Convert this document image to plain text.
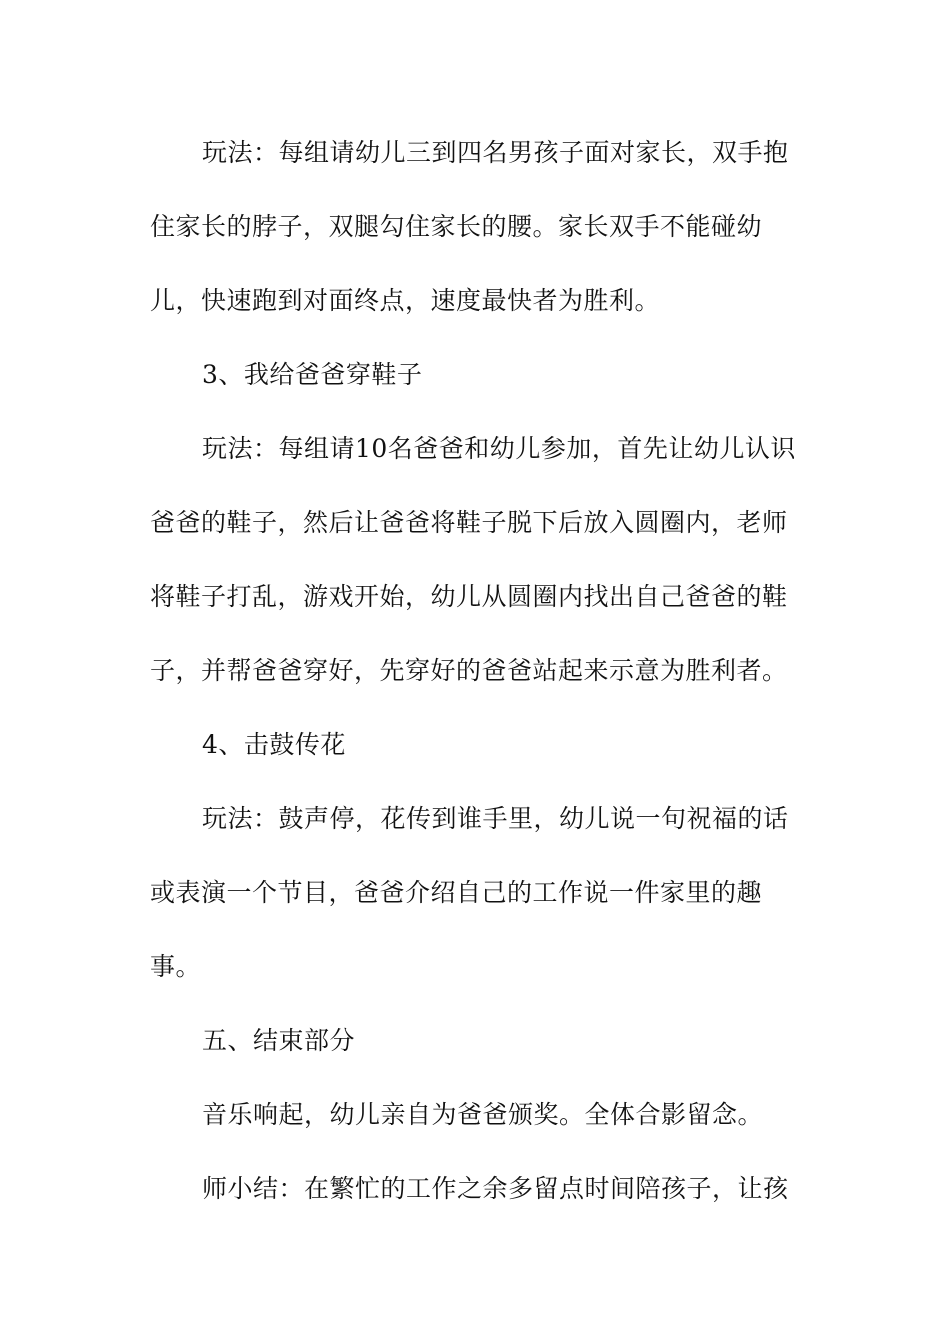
玩法：每组请幼儿三到四名男孩子面对家长，双手抱
住家长的脖子，双腿勾住家长的腰。家长双手不能碰幼
儿，快速跑到对面终点，速度最快者为胜利。
3、我给爸爸穿鞋子
玩法：每组请10名爸爸和幼儿参加，首先让幼儿认识
爸爸的鞋子，然后让爸爸将鞋子脱下后放入圆圈内，老师
将鞋子打乱，游戏开始，幼儿从圆圈内找出自己爸爸的鞋
子，并帮爸爸穿好，先穿好的爸爸站起来示意为胜利者。
4、击鼓传花
玩法：鼓声停，花传到谁手里，幼儿说一句祝福的话
或表演一个节目，爸爸介绍自己的工作说一件家里的趣
事。
五、结束部分
音乐响起，幼儿亲自为爸爸颁奖。全体合影留念。
师小结：在繁忙的工作之余多留点时间陪孩子，让孩
